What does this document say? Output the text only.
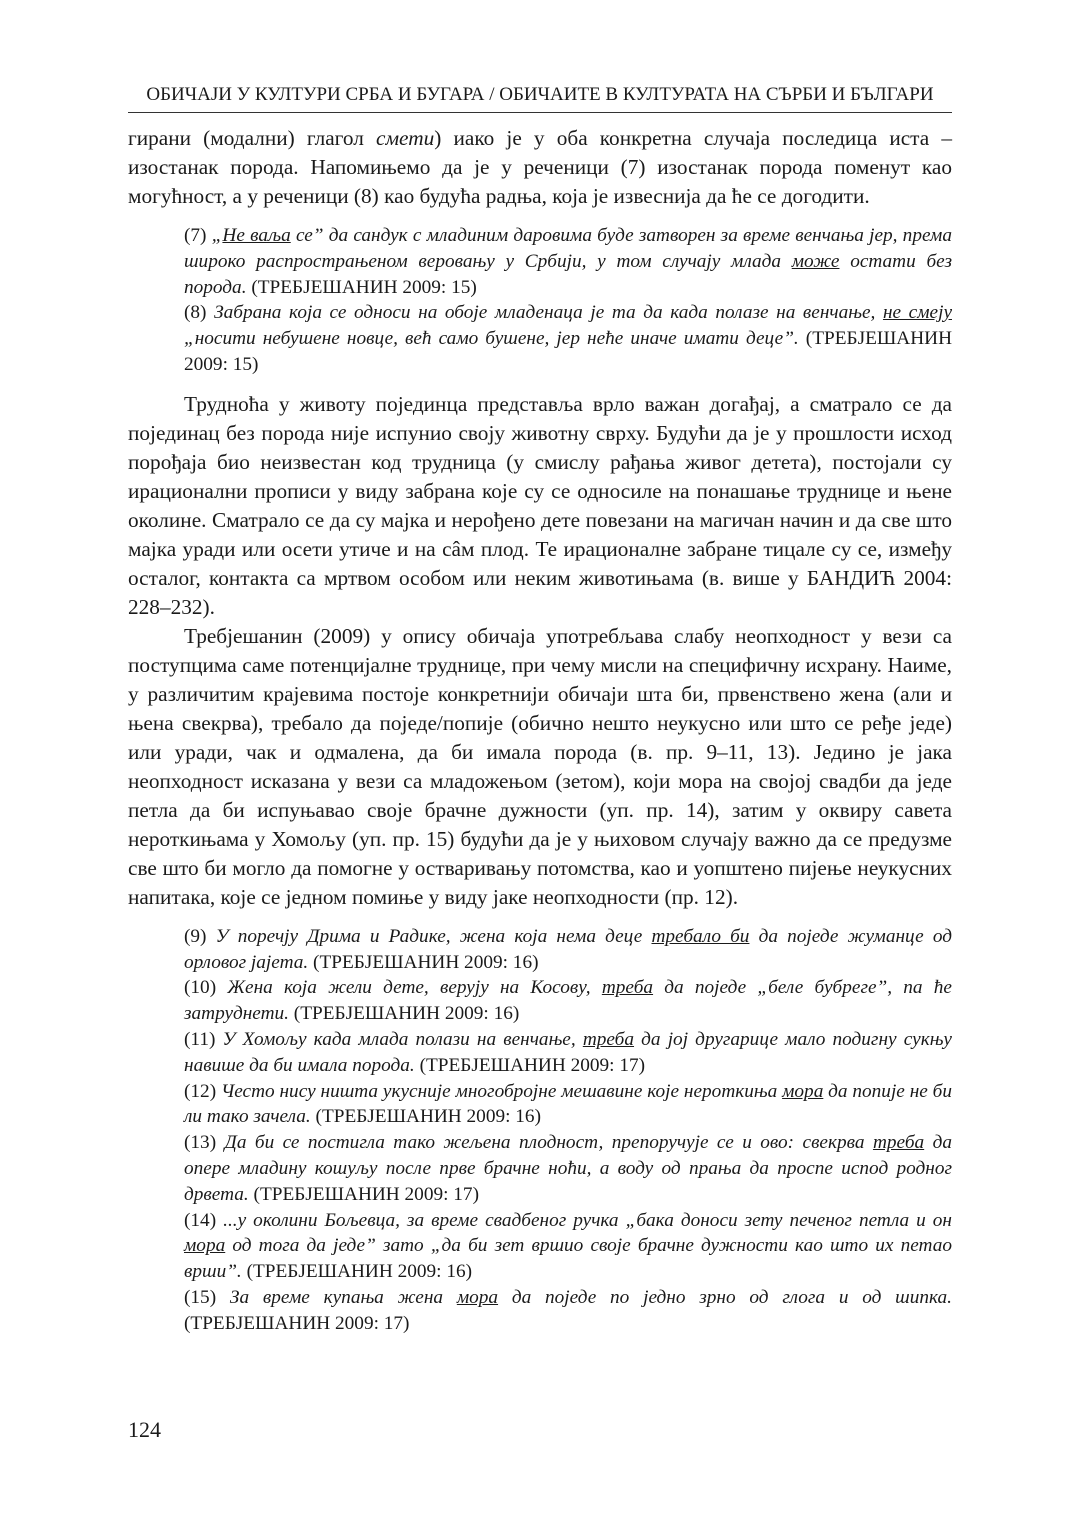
ОБИЧАЈИ У КУЛТУРИ СРБА И БУГАРА / ОБИЧАИТЕ В КУЛТУРАТА НА СЪРБИ И БЪЛГАРИ

гирани (модални) глагол смети) иако је у оба конкретна случаја последица иста – изостанак порода. Напомињемо да је у реченици (7) изостанак порода поменут као могућност, а у реченици (8) као будућа радња, која је извеснија да ће се догодити.

(7) „Не ваља се” да сандук с младиним даровима буде затворен за време венчања јер, према широко распрострањеном веровању у Србији, у том случају млада може остати без порода. (ТРЕБЈЕШАНИН 2009: 15)

(8) Забрана која се односи на обоје младенаца је та да када полазе на венчање, не смеју „носити небушене новце, већ само бушене, јер неће иначе имати деце”. (ТРЕБЈЕШАНИН 2009: 15)

Трудноћа у животу појединца представља врло важан догађај, а сматрало се да појединац без порода није испунио своју животну сврху. Будући да је у прошлости исход порођаја био неизвестан код трудница (у смислу рађања живог детета), постојали су ирационални прописи у виду забрана које су се односиле на понашање труднице и њене околине. Сматрало се да су мајка и нерођено дете повезани на магичан начин и да све што мајка уради или осети утиче и на сâм плод. Те ирационалне забране тицале су се, између осталог, контакта са мртвом особом или неким животињама (в. више у БАНДИЋ 2004: 228–232).

Требјешанин (2009) у опису обичаја употребљава слабу неопходност у вези са поступцима саме потенцијалне труднице, при чему мисли на специфичну исхрану. Наиме, у различитим крајевима постоје конкретнији обичаји шта би, првенствено жена (али и њена свекрва), требало да поједе/попије (обично нешто неукусно или што се ређе једе) или уради, чак и одмалена, да би имала порода (в. пр. 9–11, 13). Једино је јака неопходност исказана у вези са младожењом (зетом), који мора на својој свадби да једе петла да би испуњавао своје брачне дужности (уп. пр. 14), затим у оквиру савета нероткињама у Хомољу (уп. пр. 15) будући да је у њиховом случају важно да се предузме све што би могло да помогне у остваривању потомства, као и уопштено пијење неукусних напитака, које се једном помиње у виду јаке неопходности (пр. 12).

(9) У поречју Дрима и Радике, жена која нема деце требало би да поједе жуманце од орловог јајета. (ТРЕБЈЕШАНИН 2009: 16)

(10) Жена која жели дете, верују на Косову, треба да поједе „беле бубреге”, па ће затруднети. (ТРЕБЈЕШАНИН 2009: 16)

(11) У Хомољу када млада полази на венчање, треба да јој другарице мало подигну сукњу навише да би имала порода. (ТРЕБЈЕШАНИН 2009: 17)

(12) Често нису ништа укусније многобројне мешавине које нероткиња мора да попије не би ли тако зачела. (ТРЕБЈЕШАНИН 2009: 16)

(13) Да би се постигла тако жељена плодност, препоручује се и ово: свекрва треба да опере младину кошуљу после прве брачне ноћи, а воду од прања да проспе испод родног дрвета. (ТРЕБЈЕШАНИН 2009: 17)

(14) ...у околини Бољевца, за време свадбеног ручка „бака доноси зету печеног петла и он мора од тога да једе” зато „да би зет вршио своје брачне дужности као што их петао врши”. (ТРЕБЈЕШАНИН 2009: 16)

(15) За време купања жена мора да поједе по једно зрно од глога и од шипка. (ТРЕБЈЕШАНИН 2009: 17)

124
